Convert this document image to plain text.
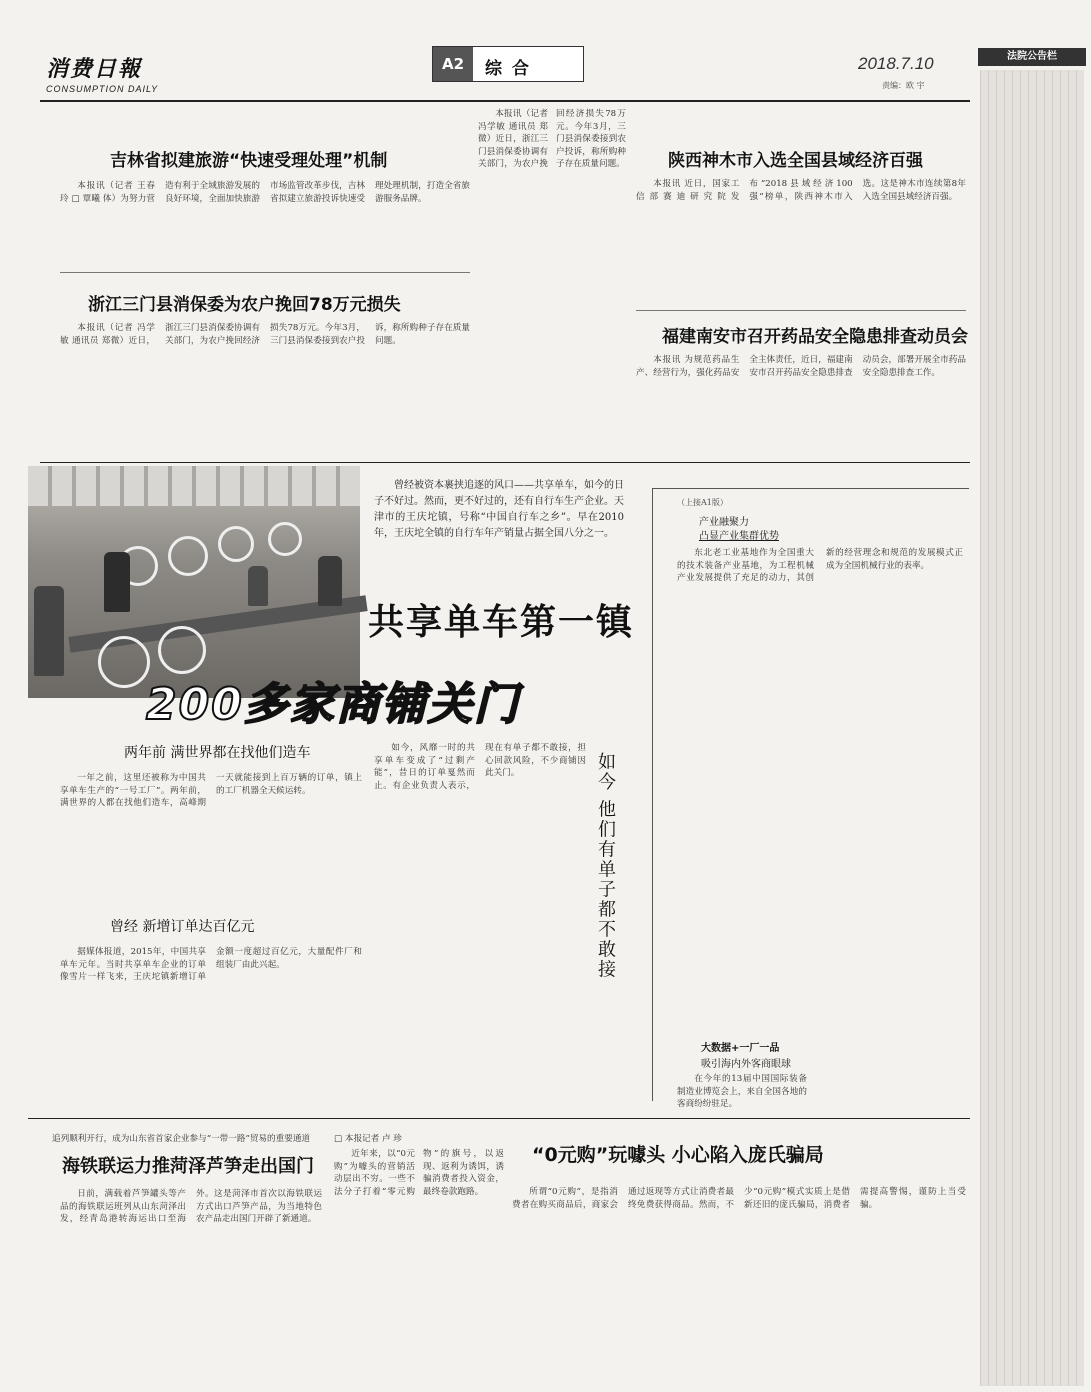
消费日報
CONSUMPTION DAILY
A2	综 合	2018.7.10
责编：欧 宇
法院公告栏
吉林省拟建旅游“快速受理处理”机制

本报讯（记者 王春玲 □ 覃曦 体）为努力营造有利于全域旅游发展的良好环境，全面加快旅游市场监管改革步伐，吉林省拟建立旅游投诉快速受理处理机制，打造全省旅游服务品牌。

浙江三门县消保委为农户挽回78万元损失

本报讯（记者 冯学敏 通讯员 郑微）近日，浙江三门县消保委协调有关部门，为农户挽回经济损失78万元。今年3月，三门县消保委接到农户投诉，称所购种子存在质量问题。

本报讯（记者 冯学敏 通讯员 郑微）近日，浙江三门县消保委协调有关部门，为农户挽回经济损失78万元。今年3月，三门县消保委接到农户投诉，称所购种子存在质量问题。	陕西神木市入选全国县域经济百强

本报讯 近日，国家工信部赛迪研究院发布“2018县域经济100强”榜单，陕西神木市入选。这是神木市连续第8年入选全国县域经济百强。

福建南安市召开药品安全隐患排查动员会

本报讯 为规范药品生产、经营行为，强化药品安全主体责任，近日，福建南安市召开药品安全隐患排查动员会，部署开展全市药品安全隐患排查工作。

曾经被资本裹挟追逐的风口——共享单车，如今的日子不好过。然而，更不好过的，还有自行车生产企业。天津市的王庆坨镇，号称“中国自行车之乡”。早在2010年，王庆坨全镇的自行车年产销量占据全国八分之一。

共享单车第一镇
200多家商铺关门
两年前 满世界都在找他们造车

一年之前，这里还被称为中国共享单车生产的“一号工厂”。两年前，满世界的人都在找他们造车，高峰期一天就能接到上百万辆的订单，镇上的工厂机器全天候运转。

曾经 新增订单达百亿元

据媒体报道，2015年，中国共享单车元年。当时共享单车企业的订单像雪片一样飞来，王庆坨镇新增订单金额一度超过百亿元，大量配件厂和组装厂由此兴起。

如今，风靡一时的共享单车变成了“过剩产能”，昔日的订单戛然而止。有企业负责人表示，现在有单子都不敢接，担心回款风险，不少商铺因此关门。	如今 他们有单子都不敢接
（上接A1版）
产业融聚力
凸显产业集群优势

东北老工业基地作为全国重大的技术装备产业基地，为工程机械产业发展提供了充足的动力，其创新的经营理念和规范的发展模式正成为全国机械行业的表率。

大数据+一厂一品
吸引海内外客商眼球

在今年的13届中国国际装备制造业博览会上，来自全国各地的客商纷纷驻足。

追列顺利开行，成为山东省首家企业参与“一带一路”贸易的重要通道
海铁联运力推菏泽芦笋走出国门

日前，满载着芦笋罐头等产品的海铁联运班列从山东菏泽出发，经青岛港转海运出口至海外。这是菏泽市首次以海铁联运方式出口芦笋产品，为当地特色农产品走出国门开辟了新通道。

□ 本报记者 卢 珍

近年来，以“0元购”为噱头的营销活动层出不穷。一些不法分子打着“零元购物”的旗号，以返现、返利为诱饵，诱骗消费者投入资金，最终卷款跑路。

“0元购”玩噱头 小心陷入庞氏骗局

所谓“0元购”，是指消费者在购买商品后，商家会通过返现等方式让消费者最终免费获得商品。然而，不少“0元购”模式实质上是借新还旧的庞氏骗局，消费者需提高警惕，谨防上当受骗。
